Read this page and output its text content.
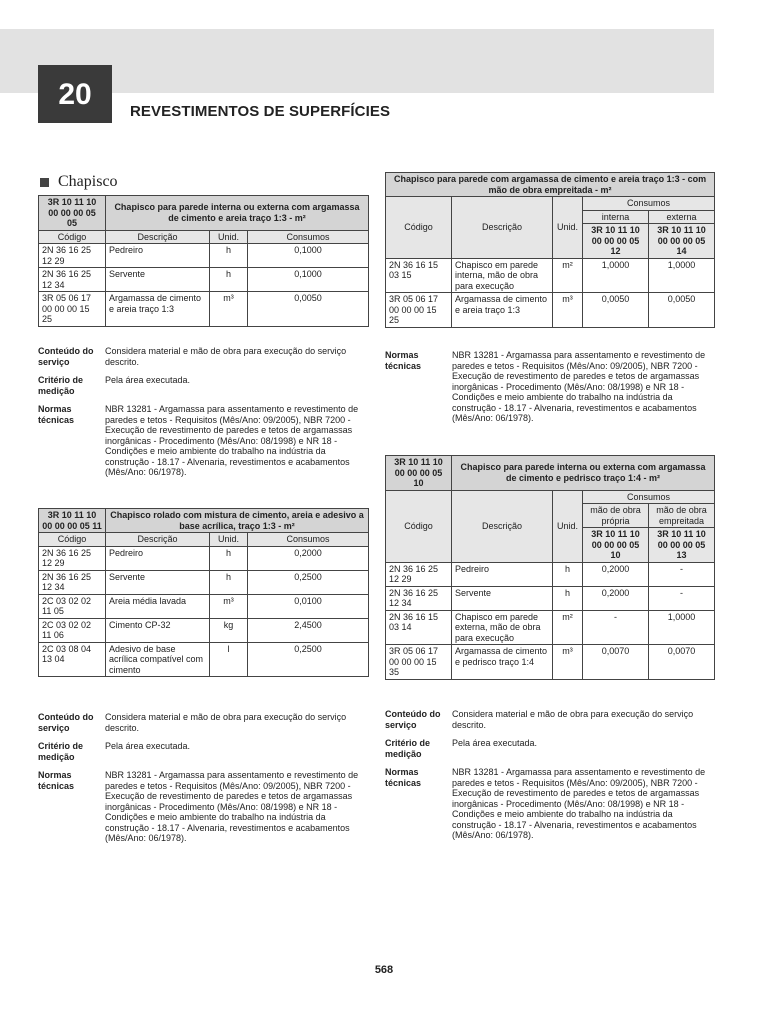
20
REVESTIMENTOS DE SUPERFÍCIES
Chapisco
3R 10 11 10 00 00 00 05 05	Chapisco para parede interna ou externa com argamassa de cimento e areia traço 1:3 - m²		
Código	Descrição	Unid.	Consumos
2N 36 16 25 12 29	Pedreiro	h	0,1000
2N 36 16 25 12 34	Servente	h	0,1000
3R 05 06 17 00 00 00 15 25	Argamassa de cimento e areia traço 1:3	m³	0,0050
Conteúdo do serviço
Considera material e mão de obra para execução do serviço descrito.
Critério de medição
Pela área executada.
Normas técnicas
NBR 13281 - Argamassa para assentamento e revestimento de paredes e tetos - Requisitos (Mês/Ano: 09/2005), NBR 7200 - Execução de revestimento de paredes e tetos de argamassas inorgânicas - Procedimento (Mês/Ano: 08/1998) e NR 18 - Condições e meio ambiente do trabalho na indústria da construção - 18.17 - Alvenaria, revestimentos e acabamentos (Mês/Ano: 06/1978).
3R 10 11 10 00 00 00 05 11	Chapisco rolado com mistura de cimento, areia e adesivo a base acrílica, traço 1:3 - m²		
Código	Descrição	Unid.	Consumos
2N 36 16 25 12 29	Pedreiro	h	0,2000
2N 36 16 25 12 34	Servente	h	0,2500
2C 03 02 02 11 05	Areia média lavada	m³	0,0100
2C 03 02 02 11 06	Cimento CP-32	kg	2,4500
2C 03 08 04 13 04	Adesivo de base acrílica compatível com cimento	l	0,2500
Conteúdo do serviço
Considera material e mão de obra para execução do serviço descrito.
Critério de medição
Pela área executada.
Normas técnicas
NBR 13281 - Argamassa para assentamento e revestimento de paredes e tetos - Requisitos (Mês/Ano: 09/2005), NBR 7200 - Execução de revestimento de paredes e tetos de argamassas inorgânicas - Procedimento (Mês/Ano: 08/1998) e NR 18 - Condições e meio ambiente do trabalho na indústria da construção - 18.17 - Alvenaria, revestimentos e acabamentos (Mês/Ano: 06/1978).
Chapisco para parede com argamassa de cimento e areia traço 1:3 - com mão de obra empreitada - m²				
Código	Descrição	Unid.	Consumos	
			interna	externa
			3R 10 11 10 00 00 00 05 12	3R 10 11 10 00 00 00 05 14
2N 36 16 15 03 15	Chapisco em parede interna, mão de obra para execução	m²	1,0000	1,0000
3R 05 06 17 00 00 00 15 25	Argamassa de cimento e areia traço 1:3	m³	0,0050	0,0050
Normas técnicas
NBR 13281 - Argamassa para assentamento e revestimento de paredes e tetos - Requisitos (Mês/Ano: 09/2005), NBR 7200 - Execução de revestimento de paredes e tetos de argamassas inorgânicas - Procedimento (Mês/Ano: 08/1998) e NR 18 - Condições e meio ambiente do trabalho na indústria da construção - 18.17 - Alvenaria, revestimentos e acabamentos (Mês/Ano: 06/1978).
3R 10 11 10 00 00 00 05 10	Chapisco para parede interna ou externa com argamassa de cimento e pedrisco traço 1:4 - m²			
Código	Descrição	Unid.	Consumos	
			mão de obra própria	mão de obra empreitada
			3R 10 11 10 00 00 00 05 10	3R 10 11 10 00 00 00 05 13
2N 36 16 25 12 29	Pedreiro	h	0,2000	-
2N 36 16 25 12 34	Servente	h	0,2000	-
2N 36 16 15 03 14	Chapisco em parede externa, mão de obra para execução	m²	-	1,0000
3R 05 06 17 00 00 00 15 35	Argamassa de cimento e pedrisco traço 1:4	m³	0,0070	0,0070
Conteúdo do serviço
Considera material e mão de obra para execução do serviço descrito.
Critério de medição
Pela área executada.
Normas técnicas
NBR 13281 - Argamassa para assentamento e revestimento de paredes e tetos - Requisitos (Mês/Ano: 09/2005), NBR 7200 - Execução de revestimento de paredes e tetos de argamassas inorgânicas - Procedimento (Mês/Ano: 08/1998) e NR 18 - Condições e meio ambiente do trabalho na indústria da construção - 18.17 - Alvenaria, revestimentos e acabamentos (Mês/Ano: 06/1978).
568
